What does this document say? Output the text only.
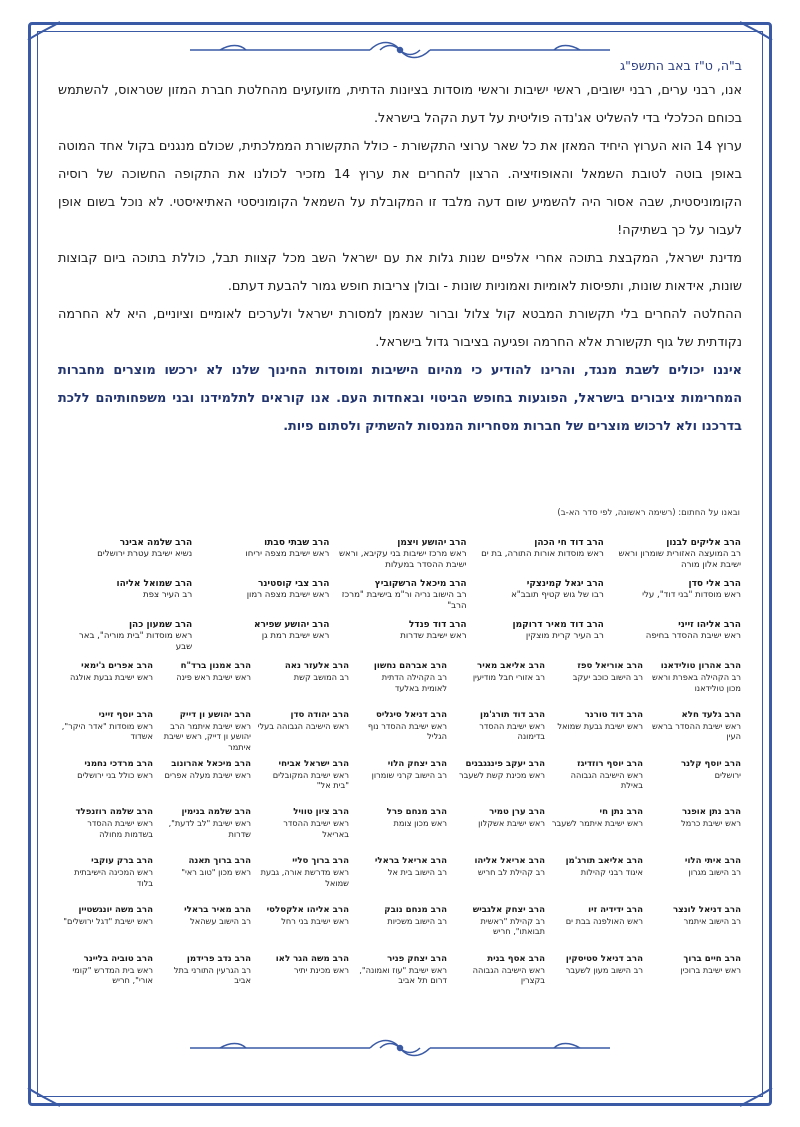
ב"ה, ט"ז באב התשפ"ג

אנו, רבני ערים, רבני ישובים, ראשי ישיבות וראשי מוסדות בציונות הדתית, מזועזעים מהחלטת חברת המזון שטראוס, להשתמש בכוחם הכלכלי בדי להשליט אג'נדה פוליטית על דעת הקהל בישראל.

ערוץ 14 הוא הערוץ היחיד המאזן את כל שאר ערוצי התקשורת - כולל התקשורת הממלכתית, שכולם מנגנים בקול אחד המוטה באופן בוטה לטובת השמאל והאופוזיציה. הרצון להחרים את ערוץ 14 מזכיר לכולנו את התקופה החשוכה של רוסיה הקומוניסטית, שבה אסור היה להשמיע שום דעה מלבד זו המקובלת על השמאל הקומוניסטי האתיאיסטי. לא נוכל בשום אופן לעבור על כך בשתיקה!

מדינת ישראל, המקבצת בתוכה אחרי אלפיים שנות גלות את עם ישראל השב מכל קצוות תבל, כוללת בתוכה ביום קבוצות שונות, אידאות שונות, ותפיסות לאומיות ואמוניות שונות - ובולן צריבות חופש גמור להבעת דעתם.

ההחלטה להחרים בלי תקשורת המבטא קול צלול וברור שנאמן למסורת ישראל ולערכים לאומיים וציוניים, היא לא החרמה נקודתית של גוף תקשורת אלא החרמה ופגיעה בציבור גדול בישראל.

איננו יכולים לשבת מנגד, והרינו להודיע כי מהיום הישיבות ומוסדות החינוך שלנו לא ירכשו מוצרים מחברות המחרימות ציבורים בישראל, הפוגעות בחופש הביטוי ובאחדות העם. אנו קוראים לתלמידנו ובני משפחותיהם ללכת בדרכנו ולא לרכוש מוצרים של חברות מסחריות המנסות להשתיק ולסתום פיות.

ובאנו על החתום: (רשימה ראשונה, לפי סדר הא-ב)
הרב אליקים לבנון
רב המועצה האזורית שומרון וראש ישיבת אלון מורה
הרב דוד חי הכהן
ראש מוסדות אורות התורה, בת ים
הרב יהושע ויצמן
ראש מרכז ישיבות בני עקיבא, וראש ישיבת ההסדר במעלות
הרב שבתי סבתו
ראש ישיבת מצפה יריחו
הרב שלמה אבינר
נשיא ישיבת עטרת ירושלים
הרב אלי סדן
ראש מוסדות "בני דוד", עלי
הרב יגאל קמינצקי
רבו של גוש קטיף תובב"א
הרב מיכאל הרשקוביץ
רב הישוב נריה ור"מ בישיבת "מרכז הרב"
הרב צבי קוסטינר
ראש ישיבת מצפה רמון
הרב שמואל אליהו
רב העיר צפת
הרב אליהו זייני
ראש ישיבת ההסדר בחיפה
הרב דוד מאיר דרוקמן
רב העיר קרית מוצקין
הרב דוד פנדל
ראש ישיבת שדרות
הרב יהושע שפירא
ראש ישיבת רמת גן
הרב שמעון כהן
ראש מוסדות "בית מוריה", באר שבע
הרב אהרון טולידאנו
רב הקהילה באפרת וראש מכון טולידאנו
הרב אוריאל ספז
רב הישוב כוכב יעקב
הרב אליאב מאיר
רב אזורי חבל מודיעין
הרב אברהם נחשון
רב הקהילה הדתית לאומית באלעד
הרב אלעזר נאה
רב המושב קשת
הרב אמנון ברד"ח
ראש ישיבת ראש פינה
הרב אפרים ג'ימאי
ראש ישיבת גבעת אולגה
הרב גלעד חלא
ראש ישיבת ההסדר בראש העין
הרב דוד טורנר
ראש ישיבת גבעת שמואל
הרב דוד תורג'מן
ראש ישיבת ההסדר בדימונה
הרב דניאל סיגליס
ראש ישיבת ההסדר נוף הגליל
הרב יהודה סדן
ראש הישיבה הגבוהה בעלי
הרב יהושע ון דייק
ראש ישיבת איתמר הרב יהושע ון דייק, ראש ישיבת איתמר
הרב יוסף זייני
ראש מוסדות "אדר היקר", אשדוד
הרב יוסף קלנר
ירושלים
הרב יוסף רוזדיגז
ראש הישיבה הגבוהה באילת
הרב יעקב פינגגבנים
ראש מכינת קשת לשעבר
הרב יצחק הלוי
רב הישוב קרני שומרון
הרב ישראל אביחי
ראש ישיבת המקובלים "בית אל"
הרב מיכאל אהרונוב
ראש ישיבת מעלה אפרים
הרב מרדכי נחמני
ראש כולל בני ירושלים
הרב נתן אופנר
ראש ישיבת כרמל
הרב נתן חי
ראש ישיבת איתמר לשעבר
הרב ערן טמיר
ראש ישיבת אשקלון
הרב מנחם פרל
ראש מכון צומת
הרב ציון טוויל
ראש ישיבת ההסדר באריאל
הרב שלמה בנימין
ראש ישיבת "לב לדעת", שדרות
הרב שלמה רוזנפלד
ראש ישיבת ההסדר בשדמות מחולה
הרב איתי הלוי
רב הישוב מגרון
הרב אליאב תורג'מן
איגוד רבני קהילות
הרב אריאל אליהו
רב קהילת לב חריש
הרב אריאל בראלי
רב הישוב בית אל
הרב ברוך סליי
ראש מדרשת אורה, גבעת שמואל
הרב ברוך תאנה
ראש מכון "טוב ראי"
הרב ברק עוקבי
ראש המכינה הישיבתית בלוד
הרב דניאל לונצר
רב הישוב איתמר
הרב ידידיה זיו
ראש האולפנה בבת ים
הרב יצחק אלגביש
רב קהילת "ראשית תבואתו", חריש
הרב מנחם נובק
רב הישוב משכיות
הרב אליהו אלקסלסי
ראש ישיבת בני רחל
הרב מאיר בראלי
רב הישוב עשהאל
הרב משה יונגשטיין
ראש ישיבת "דגל ירושלים"
הרב חיים ברוך
ראש ישיבת ברוכין
הרב דניאל סטיסקין
רב הישוב מעון לשעבר
הרב אסף בנית
ראש הישיבה הגבוהה בקצרין
הרב יצחק פניר
ראש ישיבת "עוז ואמונה", דרום תל אביב
הרב משה הגר לאו
ראש מכינת יתיר
הרב נדב פרידמן
רב הגרעין התורני בתל אביב
הרב טוביה בליינר
ראש בית המדרש "קומי אורי", חריש
